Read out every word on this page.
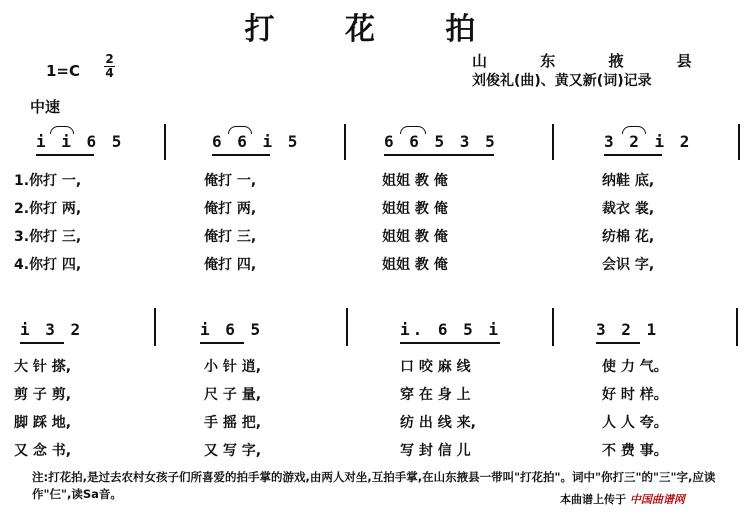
打 花 拍
山 东 掖 县
刘俊礼(曲)、黄又新(词)记录
1=C
2
4
中速
i i 6 5	6 6 i 5	6 6 5 3 5	3 2 i 2
1.你打 一,	俺打 一,	姐姐 教 俺	纳鞋 底,
2.你打 两,	俺打 两,	姐姐 教 俺	裁衣 裳,
3.你打 三,	俺打 三,	姐姐 教 俺	纺棉 花,
4.你打 四,	俺打 四,	姐姐 教 俺	会识 字,
i 3 2	i 6 5	i. 6 5 i	3 2 1
大 针 搽,	小 针 逍,	口 咬 麻 线	使 力 气。
剪 子 剪,	尺 子 量,	穿 在 身 上	好 时 样。
脚 踩 地,	手 摇 把,	纺 出 线 来,	人 人 夸。
又 念 书,	又 写 字,	写 封 信 儿	不 费 事。
注:打花拍,是过去农村女孩子们所喜爱的拍手掌的游戏,由两人对坐,互拍手掌,在山东掖县一带叫"打花拍"。词中"你打三"的"三"字,应读作"仨",读Sa音。	本曲谱上传于 中国曲谱网
